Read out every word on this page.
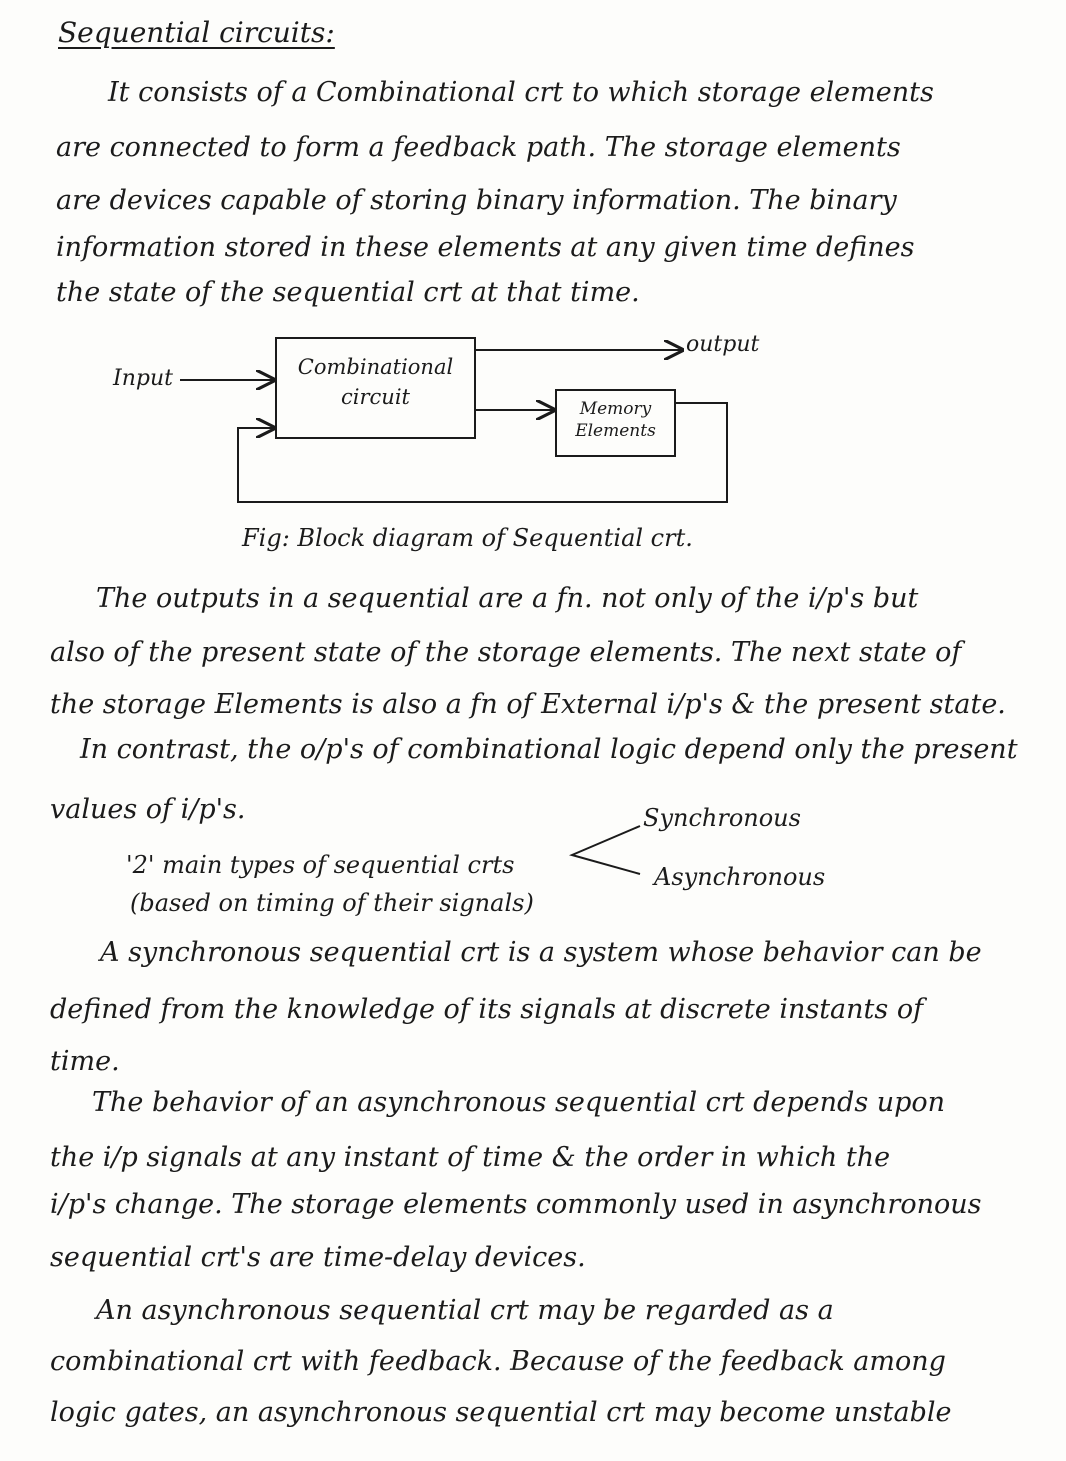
Sequential circuits:
It consists of a Combinational crt to which storage elements
are connected to form a feedback path. The storage elements
are devices capable of storing binary information. The binary
information stored in these elements at any given time defines
the state of the sequential crt at that time.
Input
output
Combinational
circuit	Memory
Elements
Fig: Block diagram of Sequential crt.
The outputs in a sequential are a fn. not only of the i/p's but
also of the present state of the storage elements. The next state of
the storage Elements is also a fn of External i/p's & the present state.
In contrast, the o/p's of combinational logic depend only the present
values of i/p's.	Synchronous
'2' main types of sequential crts	Asynchronous
(based on timing of their signals)
A synchronous sequential crt is a system whose behavior can be
defined from the knowledge of its signals at discrete instants of
time.
The behavior of an asynchronous sequential crt depends upon
the i/p signals at any instant of time & the order in which the
i/p's change. The storage elements commonly used in asynchronous
sequential crt's are time-delay devices.
An asynchronous sequential crt may be regarded as a
combinational crt with feedback. Because of the feedback among
logic gates, an asynchronous sequential crt may become unstable
